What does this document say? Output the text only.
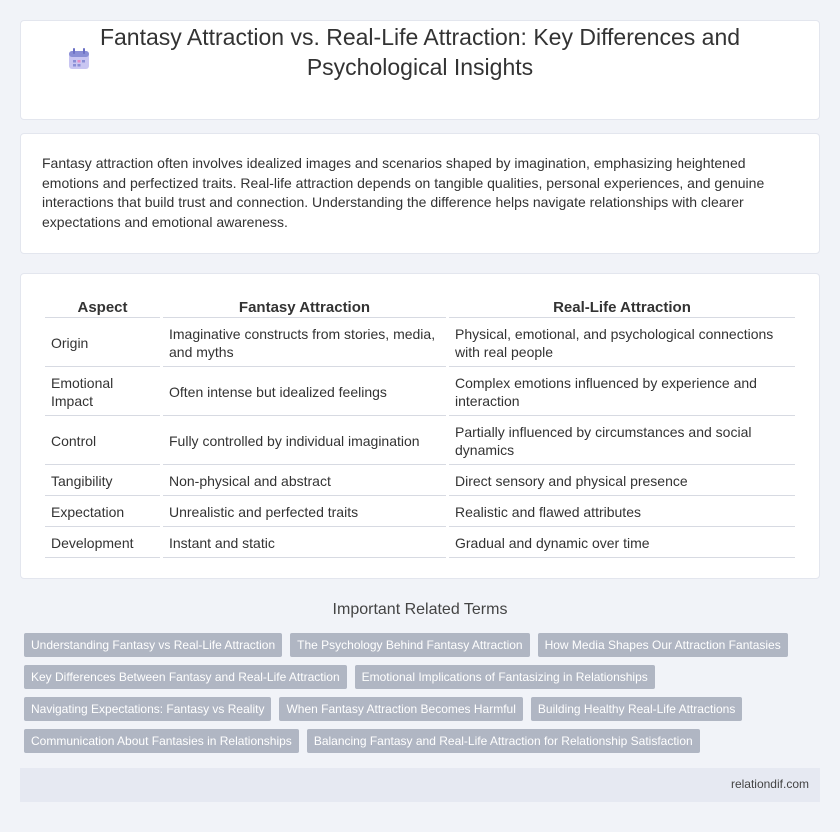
Fantasy Attraction vs. Real-Life Attraction: Key Differences and Psychological Insights

Fantasy attraction often involves idealized images and scenarios shaped by imagination, emphasizing heightened emotions and perfectized traits. Real-life attraction depends on tangible qualities, personal experiences, and genuine interactions that build trust and connection. Understanding the difference helps navigate relationships with clearer expectations and emotional awareness.

Aspect	Fantasy Attraction	Real-Life Attraction
Origin	Imaginative constructs from stories, media, and myths	Physical, emotional, and psychological connections with real people
Emotional Impact	Often intense but idealized feelings	Complex emotions influenced by experience and interaction
Control	Fully controlled by individual imagination	Partially influenced by circumstances and social dynamics
Tangibility	Non-physical and abstract	Direct sensory and physical presence
Expectation	Unrealistic and perfected traits	Realistic and flawed attributes
Development	Instant and static	Gradual and dynamic over time
Important Related Terms
Understanding Fantasy vs Real-Life Attraction	The Psychology Behind Fantasy Attraction	How Media Shapes Our Attraction Fantasies
Key Differences Between Fantasy and Real-Life Attraction	Emotional Implications of Fantasizing in Relationships
Navigating Expectations: Fantasy vs Reality	When Fantasy Attraction Becomes Harmful	Building Healthy Real-Life Attractions
Communication About Fantasies in Relationships	Balancing Fantasy and Real-Life Attraction for Relationship Satisfaction
relationdif.com
